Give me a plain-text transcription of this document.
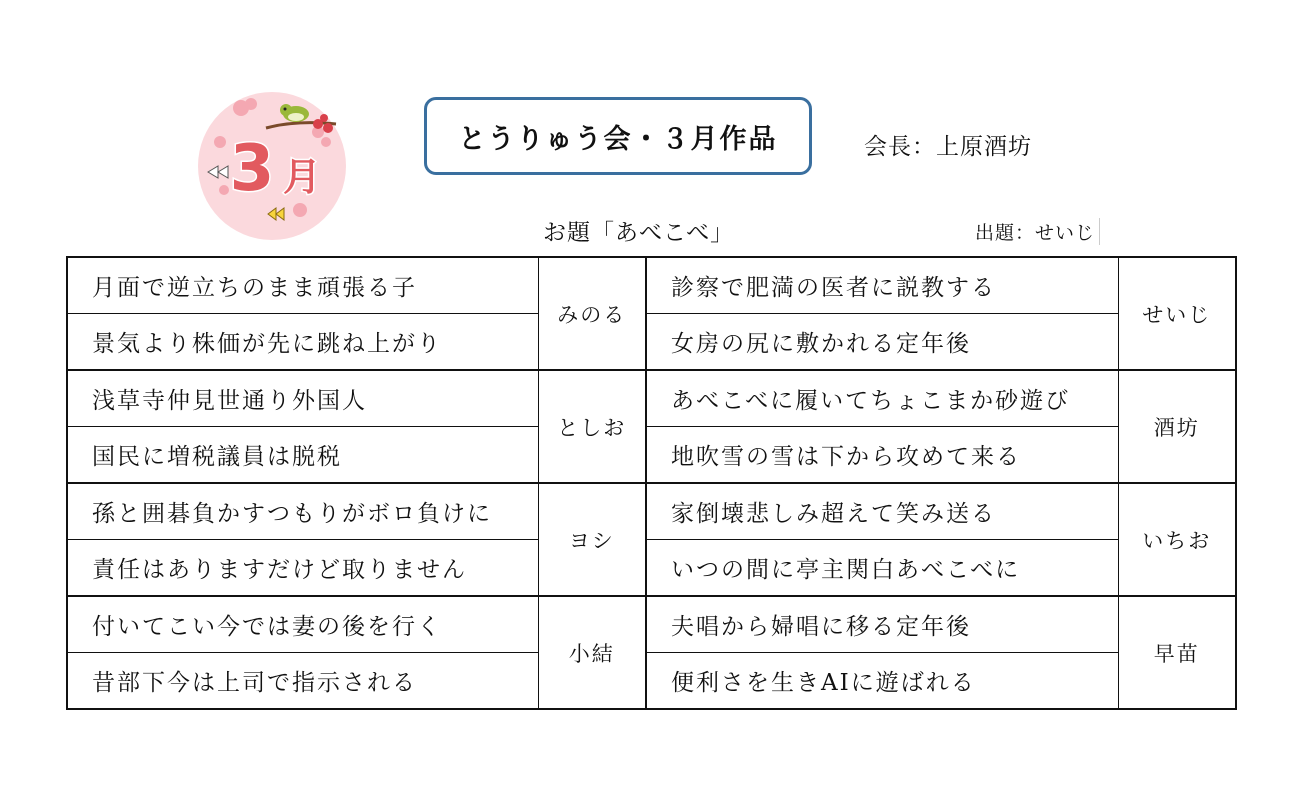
3 月
とうりゅう会・３月作品	会長：上原酒坊
お題「あべこべ」	出題：せいじ
月面で逆立ちのまま頑張る子	みのる	診察で肥満の医者に説教する	せいじ
景気より株価が先に跳ね上がり		女房の尻に敷かれる定年後	
浅草寺仲見世通り外国人	としお	あべこべに履いてちょこまか砂遊び	酒坊
国民に増税議員は脱税		地吹雪の雪は下から攻めて来る	
孫と囲碁負かすつもりがボロ負けに	ヨシ	家倒壊悲しみ超えて笑み送る	いちお
責任はありますだけど取りません		いつの間に亭主関白あべこべに	
付いてこい今では妻の後を行く	小結	夫唱から婦唱に移る定年後	早苗
昔部下今は上司で指示される		便利さを生きAIに遊ばれる	
